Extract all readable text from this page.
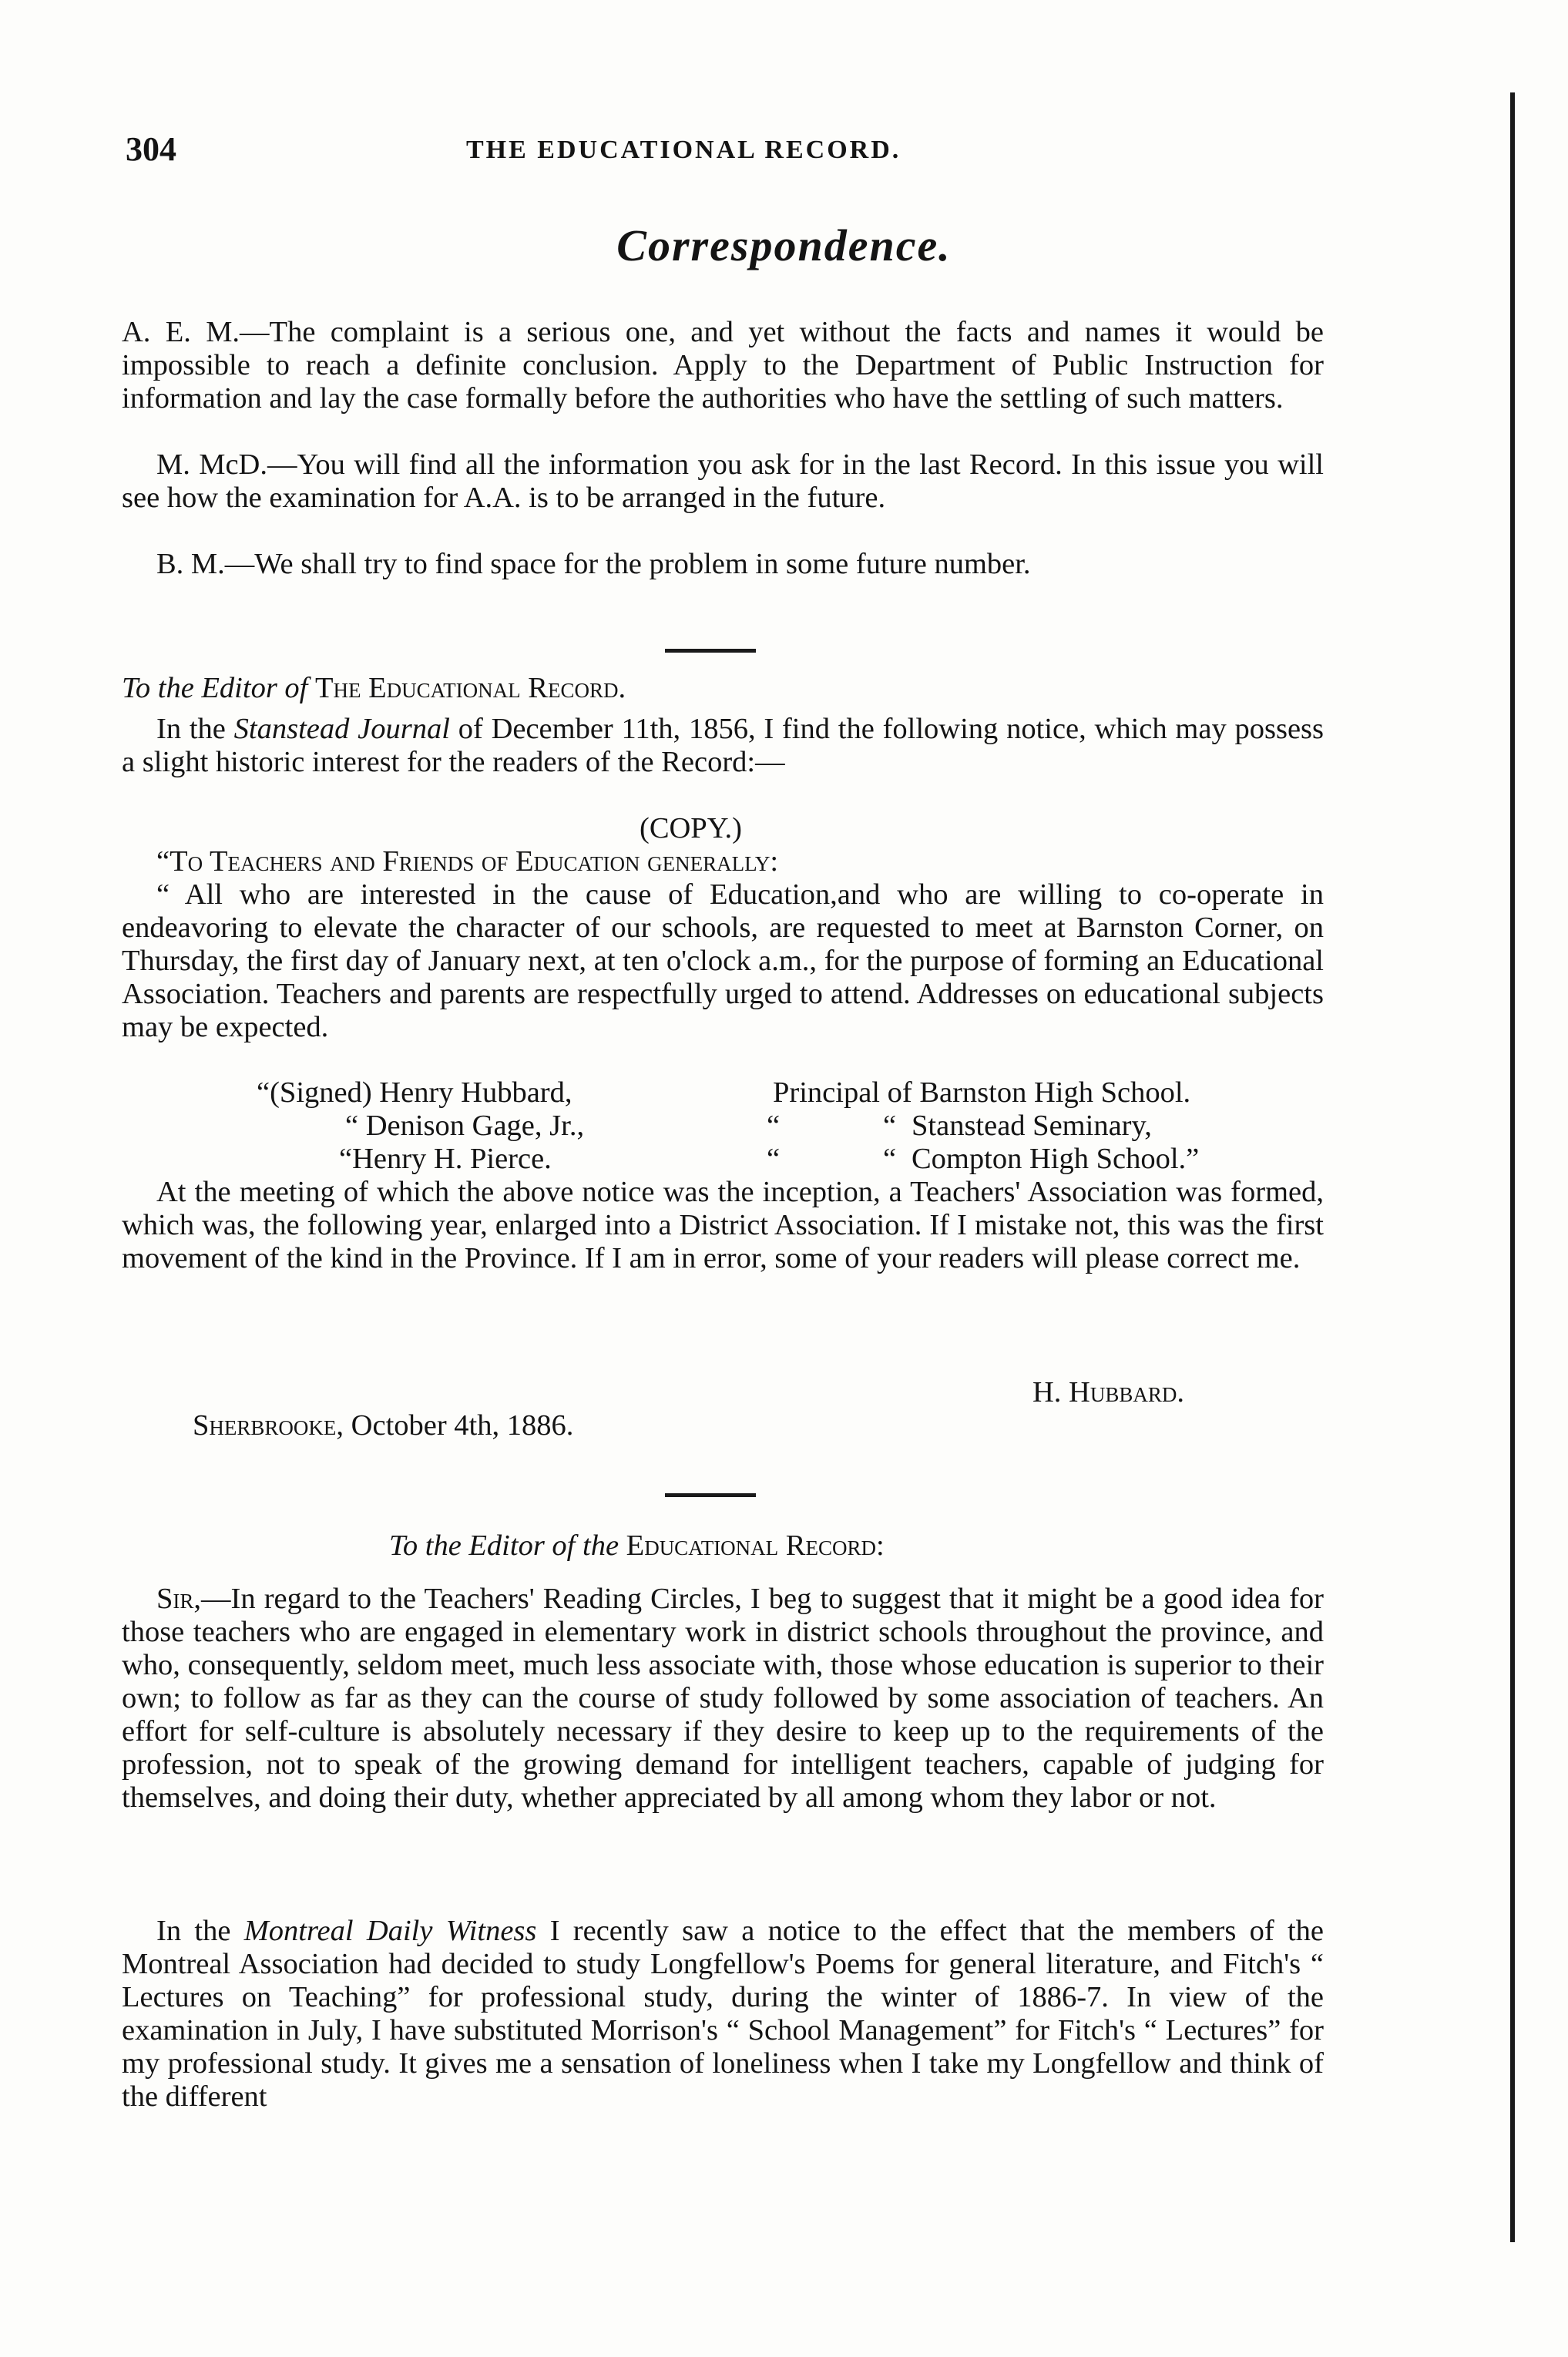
304	THE EDUCATIONAL RECORD.
Correspondence.

A. E. M.—The complaint is a serious one, and yet without the facts and names it would be impossible to reach a definite conclusion. Apply to the Department of Public Instruction for information and lay the case formally before the authorities who have the settling of such matters.

M. McD.—You will find all the information you ask for in the last Record. In this issue you will see how the examination for A.A. is to be arranged in the future.

B. M.—We shall try to find space for the problem in some future number.

To the Editor of The Educational Record.

In the Stanstead Journal of December 11th, 1856, I find the following notice, which may possess a slight historic interest for the readers of the Record:—

(COPY.)

“To Teachers and Friends of Education generally:

“ All who are interested in the cause of Education,and who are willing to co-operate in endeavoring to elevate the character of our schools, are requested to meet at Barnston Corner, on Thursday, the first day of January next, at ten o'clock a.m., for the purpose of forming an Educational Association. Teachers and parents are respectfully urged to attend. Addresses on educational subjects may be expected.

“(Signed) Henry Hubbard,	Principal of Barnston High School.
“ Denison Gage, Jr.,	“	“ Stanstead Seminary,
“Henry H. Pierce.	“	“ Compton High School.”

At the meeting of which the above notice was the inception, a Teachers' Association was formed, which was, the following year, enlarged into a District Association. If I mistake not, this was the first movement of the kind in the Province. If I am in error, some of your readers will please correct me.

H. Hubbard.
Sherbrooke, October 4th, 1886.
To the Editor of the Educational Record:

Sir,—In regard to the Teachers' Reading Circles, I beg to suggest that it might be a good idea for those teachers who are engaged in elementary work in district schools throughout the province, and who, consequently, seldom meet, much less associate with, those whose education is superior to their own; to follow as far as they can the course of study followed by some association of teachers. An effort for self-culture is absolutely necessary if they desire to keep up to the requirements of the profession, not to speak of the growing demand for intelligent teachers, capable of judging for themselves, and doing their duty, whether appreciated by all among whom they labor or not.

In the Montreal Daily Witness I recently saw a notice to the effect that the members of the Montreal Association had decided to study Longfellow's Poems for general literature, and Fitch's “ Lectures on Teaching” for professional study, during the winter of 1886-7. In view of the examination in July, I have substituted Morrison's “ School Management” for Fitch's “ Lectures” for my professional study. It gives me a sensation of loneliness when I take my Longfellow and think of the different
